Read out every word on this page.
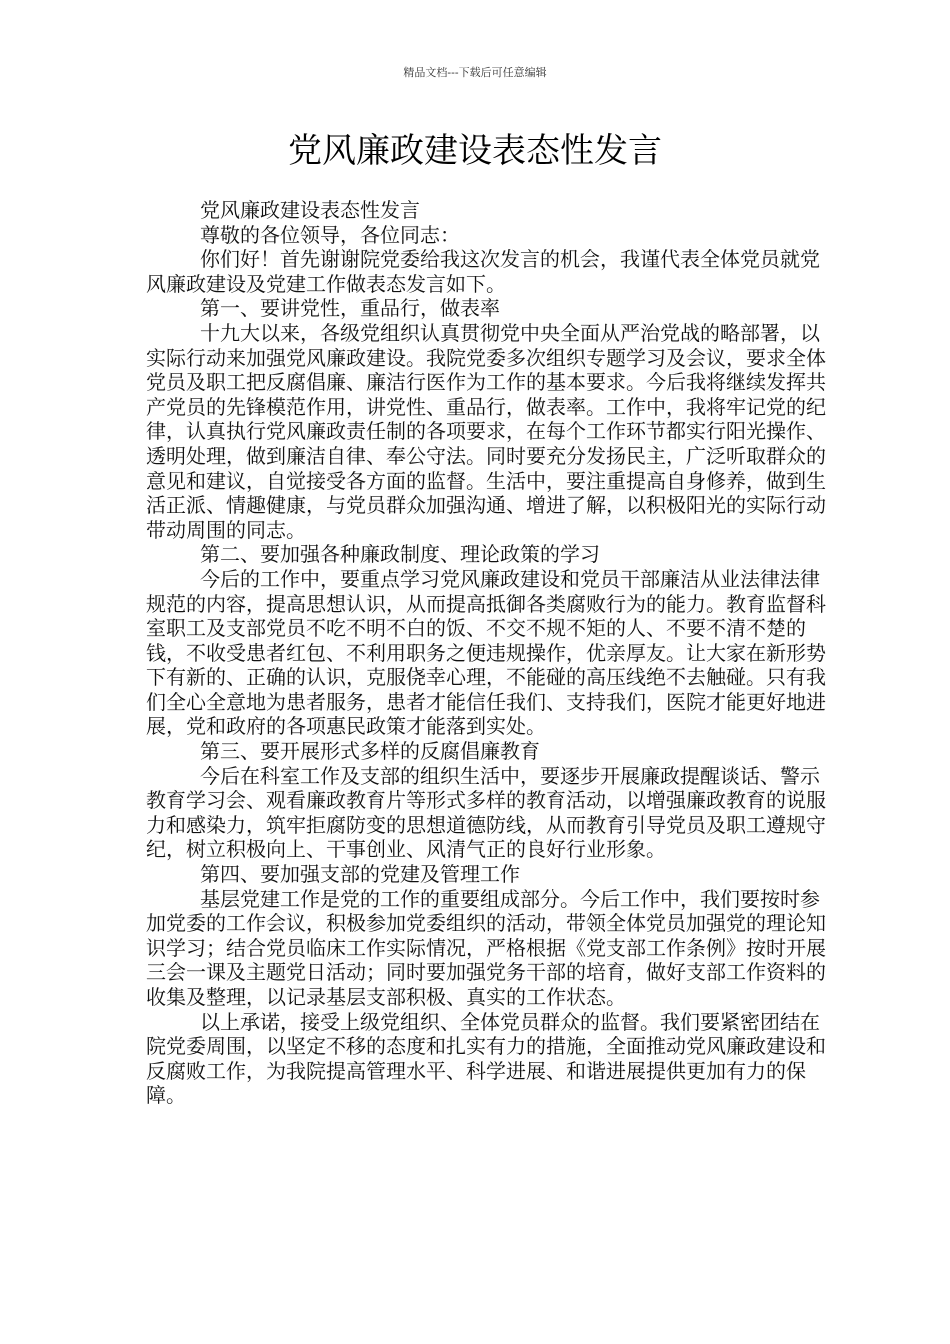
精品文档---下载后可任意编辑
党风廉政建设表态性发言

党风廉政建设表态性发言

尊敬的各位领导，各位同志：

你们好！首先谢谢院党委给我这次发言的机会，我谨代表全体党员就党风廉政建设及党建工作做表态发言如下。

第一、要讲党性，重品行，做表率

十九大以来，各级党组织认真贯彻党中央全面从严治党战的略部署，以实际行动来加强党风廉政建设。我院党委多次组织专题学习及会议，要求全体党员及职工把反腐倡廉、廉洁行医作为工作的基本要求。今后我将继续发挥共产党员的先锋模范作用，讲党性、重品行，做表率。工作中，我将牢记党的纪律，认真执行党风廉政责任制的各项要求，在每个工作环节都实行阳光操作、透明处理，做到廉洁自律、奉公守法。同时要充分发扬民主，广泛听取群众的意见和建议，自觉接受各方面的监督。生活中，要注重提高自身修养，做到生活正派、情趣健康，与党员群众加强沟通、增进了解，以积极阳光的实际行动带动周围的同志。

第二、要加强各种廉政制度、理论政策的学习

今后的工作中，要重点学习党风廉政建设和党员干部廉洁从业法律法律规范的内容，提高思想认识，从而提高抵御各类腐败行为的能力。教育监督科室职工及支部党员不吃不明不白的饭、不交不规不矩的人、不要不清不楚的钱，不收受患者红包、不利用职务之便违规操作，优亲厚友。让大家在新形势下有新的、正确的认识，克服侥幸心理，不能碰的高压线绝不去触碰。只有我们全心全意地为患者服务，患者才能信任我们、支持我们，医院才能更好地进展，党和政府的各项惠民政策才能落到实处。

第三、要开展形式多样的反腐倡廉教育

今后在科室工作及支部的组织生活中，要逐步开展廉政提醒谈话、警示教育学习会、观看廉政教育片等形式多样的教育活动，以增强廉政教育的说服力和感染力，筑牢拒腐防变的思想道德防线，从而教育引导党员及职工遵规守纪，树立积极向上、干事创业、风清气正的良好行业形象。

第四、要加强支部的党建及管理工作

基层党建工作是党的工作的重要组成部分。今后工作中，我们要按时参加党委的工作会议，积极参加党委组织的活动，带领全体党员加强党的理论知识学习；结合党员临床工作实际情况，严格根据《党支部工作条例》按时开展三会一课及主题党日活动；同时要加强党务干部的培育，做好支部工作资料的收集及整理，以记录基层支部积极、真实的工作状态。

以上承诺，接受上级党组织、全体党员群众的监督。我们要紧密团结在院党委周围，以坚定不移的态度和扎实有力的措施，全面推动党风廉政建设和反腐败工作，为我院提高管理水平、科学进展、和谐进展提供更加有力的保障。
